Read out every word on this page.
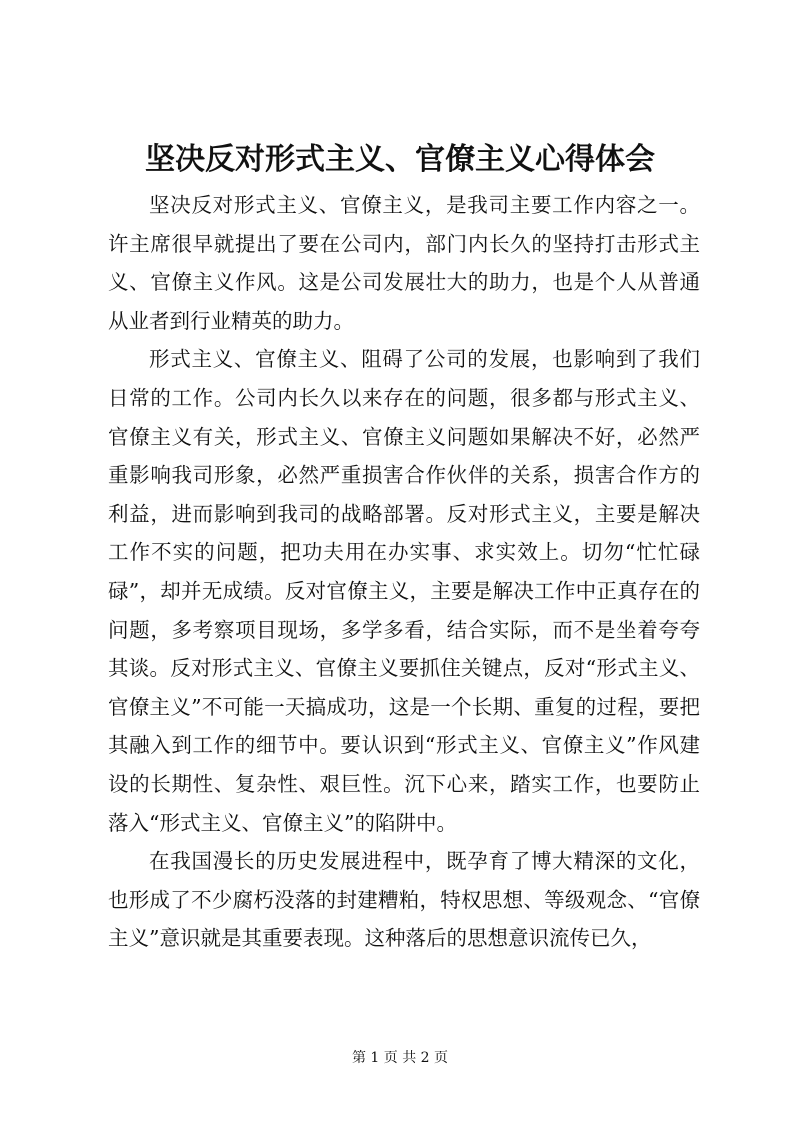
坚决反对形式主义、官僚主义心得体会

坚决反对形式主义、官僚主义，是我司主要工作内容之一。许主席很早就提出了要在公司内，部门内长久的坚持打击形式主义、官僚主义作风。这是公司发展壮大的助力，也是个人从普通从业者到行业精英的助力。

形式主义、官僚主义、阻碍了公司的发展，也影响到了我们日常的工作。公司内长久以来存在的问题，很多都与形式主义、官僚主义有关，形式主义、官僚主义问题如果解决不好，必然严重影响我司形象，必然严重损害合作伙伴的关系，损害合作方的利益，进而影响到我司的战略部署。反对形式主义，主要是解决工作不实的问题，把功夫用在办实事、求实效上。切勿“忙忙碌碌”，却并无成绩。反对官僚主义，主要是解决工作中正真存在的问题，多考察项目现场，多学多看，结合实际，而不是坐着夸夸其谈。反对形式主义、官僚主义要抓住关键点，反对“形式主义、官僚主义”不可能一天搞成功，这是一个长期、重复的过程，要把其融入到工作的细节中。要认识到“形式主义、官僚主义”作风建设的长期性、复杂性、艰巨性。沉下心来，踏实工作，也要防止落入“形式主义、官僚主义”的陷阱中。

在我国漫长的历史发展进程中，既孕育了博大精深的文化，也形成了不少腐朽没落的封建糟粕，特权思想、等级观念、“官僚主义”意识就是其重要表现。这种落后的思想意识流传已久，

第 1 页 共 2 页
